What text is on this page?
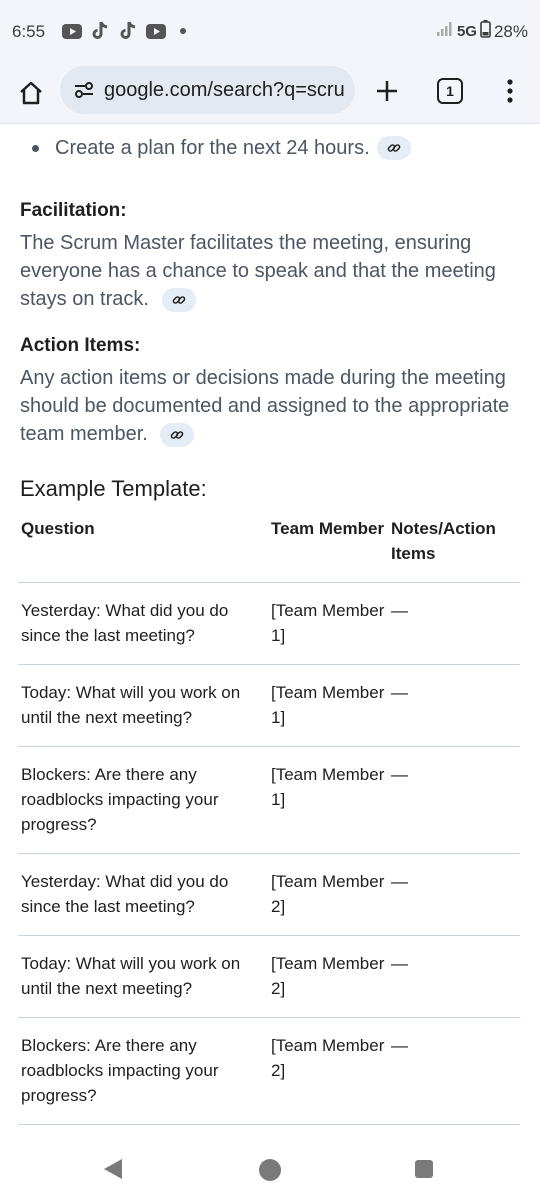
6:55	5G 28%
google.com/search?q=scru	1
Create a plan for the next 24 hours.
Facilitation:
The Scrum Master facilitates the meeting, ensuring everyone has a chance to speak and that the meeting stays on track.
Action Items:
Any action items or decisions made during the meeting should be documented and assigned to the appropriate team member.
Example Template:
Question	Team Member	Notes/Action Items
Yesterday: What did you do since the last meeting?	[Team Member 1]	—
Today: What will you work on until the next meeting?	[Team Member 1]	—
Blockers: Are there any roadblocks impacting your progress?	[Team Member 1]	—
Yesterday: What did you do since the last meeting?	[Team Member 2]	—
Today: What will you work on until the next meeting?	[Team Member 2]	—
Blockers: Are there any roadblocks impacting your progress?	[Team Member 2]	—
